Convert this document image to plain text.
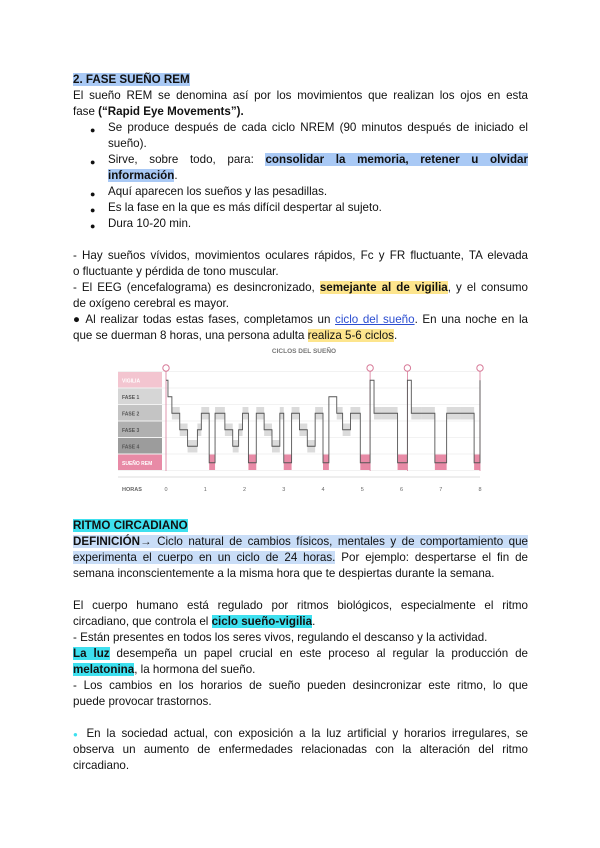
2. FASE SUEÑO REM
El sueño REM se denomina así por los movimientos que realizan los ojos en esta
fase (“Rapid Eye Movements”).
● Se produce después de cada ciclo NREM (90 minutos después de iniciado el
sueño).
● Sirve, sobre todo, para: consolidar la memoria, retener u olvidar
información.
● Aquí aparecen los sueños y las pesadillas.
● Es la fase en la que es más difícil despertar al sujeto.
● Dura 10-20 min.
- Hay sueños vívidos, movimientos oculares rápidos, Fc y FR fluctuante, TA elevada
o fluctuante y pérdida de tono muscular.
- El EEG (encefalograma) es desincronizado, semejante al de vigilia, y el consumo
de oxígeno cerebral es mayor.
● Al realizar todas estas fases, completamos un ciclo del sueño. En una noche en la
que se duerman 8 horas, una persona adulta realiza 5-6 ciclos.
CICLOS DEL SUEÑO
VIGILIA
FASE 1
FASE 2
FASE 3
FASE 4
SUEÑO REM
0	1	2	3	4	5	6	7	8
HORAS
RITMO CIRCADIANO
DEFINICIÓN→ Ciclo natural de cambios físicos, mentales y de comportamiento que
experimenta el cuerpo en un ciclo de 24 horas. Por ejemplo: despertarse el fin de
semana inconscientemente a la misma hora que te despiertas durante la semana.
El cuerpo humano está regulado por ritmos biológicos, especialmente el ritmo
circadiano, que controla el ciclo sueño-vigilia.
- Están presentes en todos los seres vivos, regulando el descanso y la actividad.
La luz desempeña un papel crucial en este proceso al regular la producción de
melatonina, la hormona del sueño.
- Los cambios en los horarios de sueño pueden desincronizar este ritmo, lo que
puede provocar trastornos.
● En la sociedad actual, con exposición a la luz artificial y horarios irregulares, se
observa un aumento de enfermedades relacionadas con la alteración del ritmo
circadiano.
